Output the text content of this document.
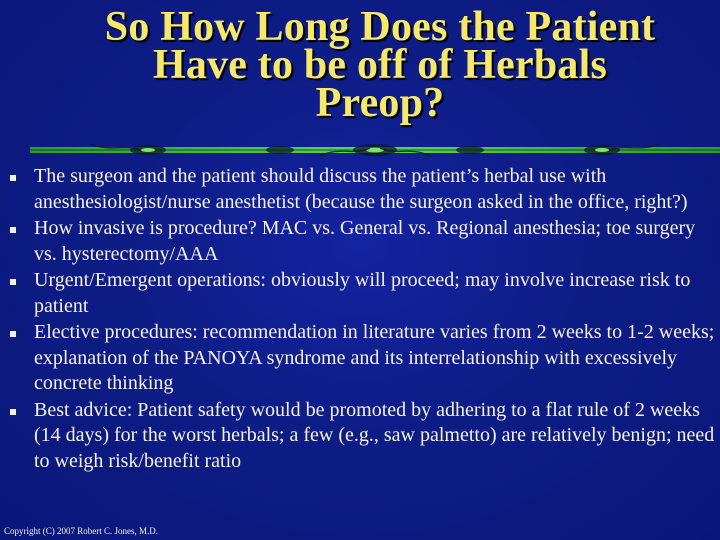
So How Long Does the Patient
Have to be off of Herbals
Preop?
The surgeon and the patient should discuss the patient’s herbal use with anesthesiologist/nurse anesthetist (because the surgeon asked in the office, right?)
How invasive is procedure? MAC vs. General vs. Regional anesthesia; toe surgery vs. hysterectomy/AAA
Urgent/Emergent operations: obviously will proceed; may involve increase risk to patient
Elective procedures: recommendation in literature varies from 2 weeks to 1-2 weeks; explanation of the PANOYA syndrome and its interrelationship with excessively concrete thinking
Best advice: Patient safety would be promoted by adhering to a flat rule of 2 weeks (14 days) for the worst herbals; a few (e.g., saw palmetto) are relatively benign; need to weigh risk/benefit ratio
Copyright (C) 2007 Robert C. Jones, M.D.
